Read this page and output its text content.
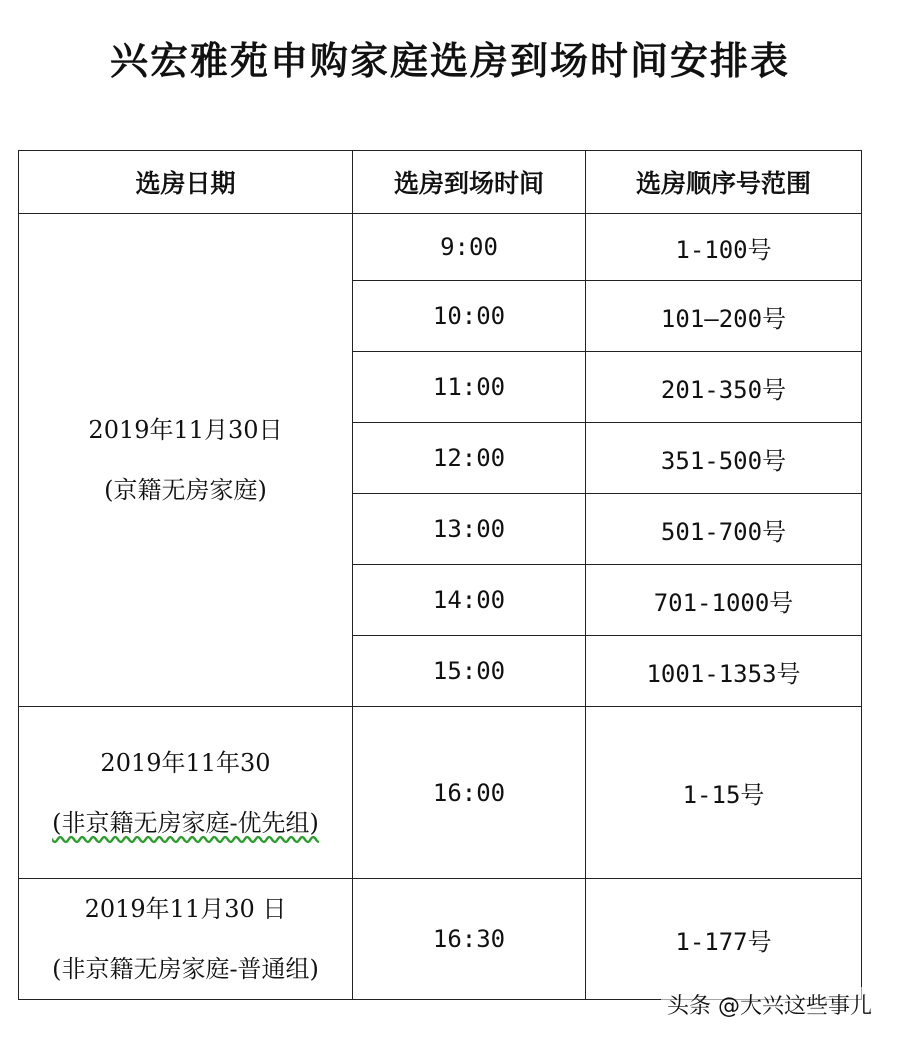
兴宏雅苑申购家庭选房到场时间安排表
选房日期	选房到场时间	选房顺序号范围

2019年11月30日
(京籍无房家庭)	9:00	1-100号
	10:00	101—200号
	11:00	201-350号
	12:00	351-500号
	13:00	501-700号
	14:00	701-1000号
	15:00	1001-1353号

2019年11年30
(非京籍无房家庭-优先组)	16:00	1-15号

2019年11月30 日
(非京籍无房家庭-普通组)	16:30	1-177号
头条 @大兴这些事儿
